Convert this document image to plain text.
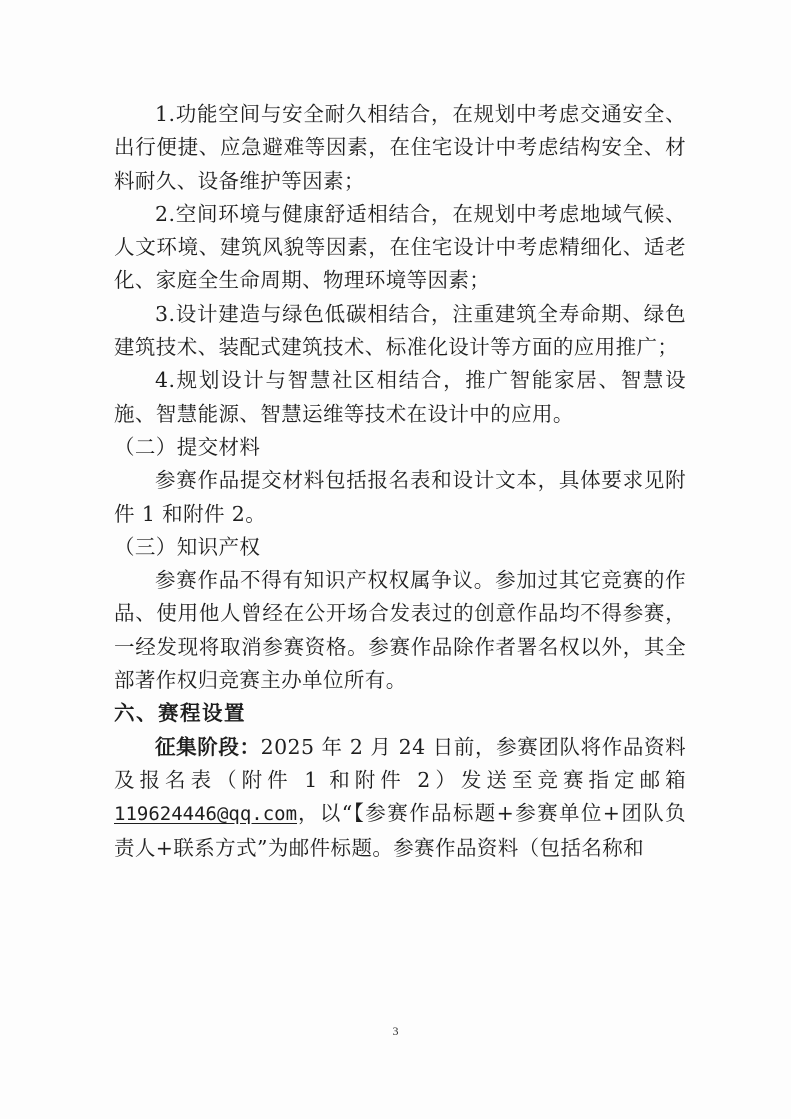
1.功能空间与安全耐久相结合，在规划中考虑交通安全、出行便捷、应急避难等因素，在住宅设计中考虑结构安全、材料耐久、设备维护等因素；

2.空间环境与健康舒适相结合，在规划中考虑地域气候、人文环境、建筑风貌等因素，在住宅设计中考虑精细化、适老化、家庭全生命周期、物理环境等因素；

3.设计建造与绿色低碳相结合，注重建筑全寿命期、绿色建筑技术、装配式建筑技术、标准化设计等方面的应用推广；

4.规划设计与智慧社区相结合，推广智能家居、智慧设施、智慧能源、智慧运维等技术在设计中的应用。

（二）提交材料

参赛作品提交材料包括报名表和设计文本，具体要求见附件 1 和附件 2。

（三）知识产权

参赛作品不得有知识产权权属争议。参加过其它竞赛的作品、使用他人曾经在公开场合发表过的创意作品均不得参赛，一经发现将取消参赛资格。参赛作品除作者署名权以外，其全部著作权归竞赛主办单位所有。

六、赛程设置

征集阶段：2025 年 2 月 24 日前，参赛团队将作品资料及报名表（附件 1 和附件 2）发送至竞赛指定邮箱119624446@qq.com，以“【参赛作品标题+参赛单位+团队负责人+联系方式”为邮件标题。参赛作品资料（包括名称和

3
